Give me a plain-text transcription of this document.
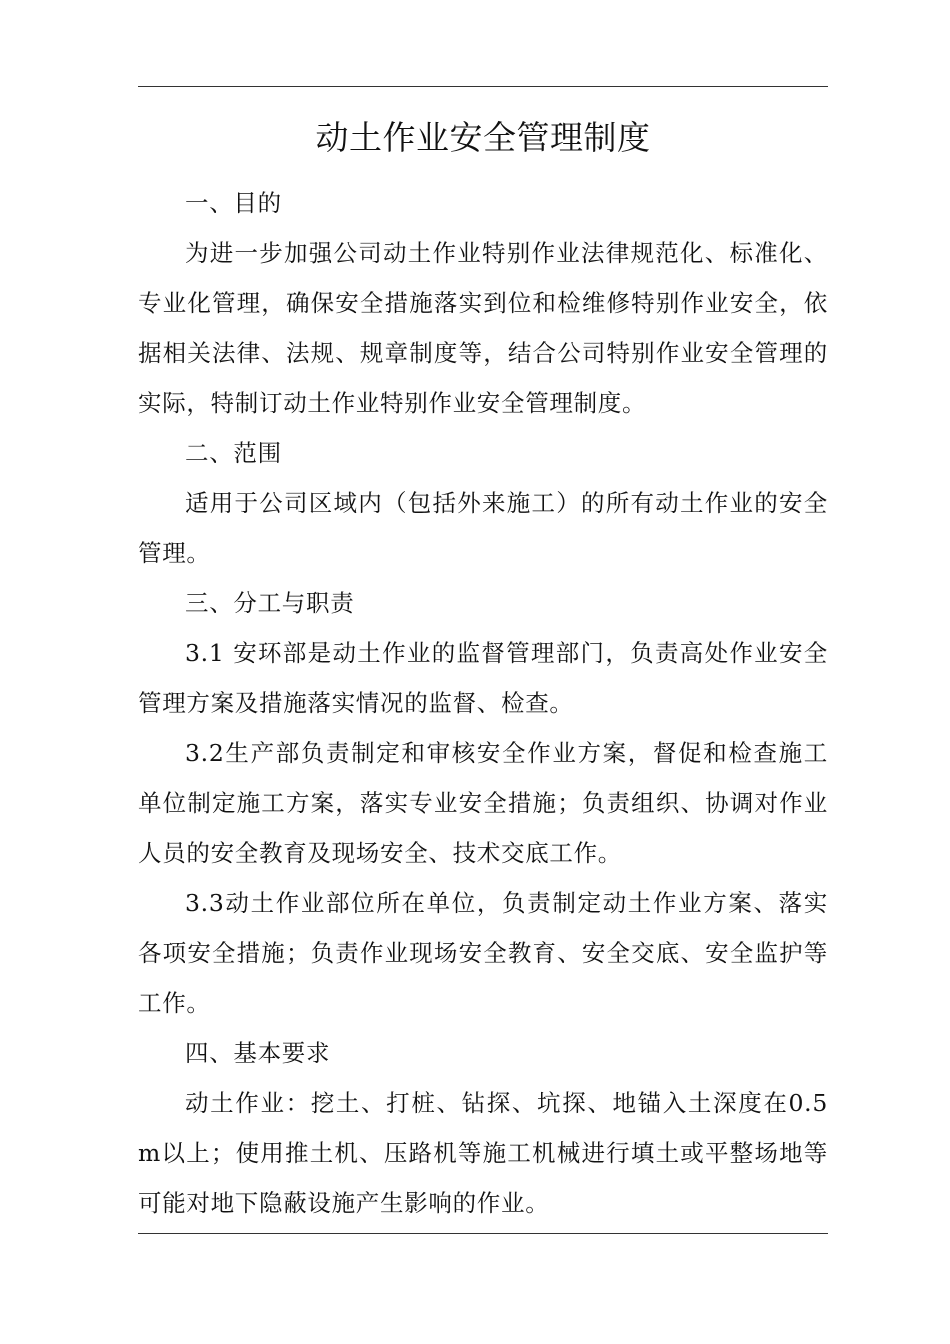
动土作业安全管理制度

一、目的

为进一步加强公司动土作业特别作业法律规范化、标准化、专业化管理，确保安全措施落实到位和检维修特别作业安全，依据相关法律、法规、规章制度等，结合公司特别作业安全管理的实际，特制订动土作业特别作业安全管理制度。

二、范围

适用于公司区域内（包括外来施工）的所有动土作业的安全管理。

三、分工与职责

3.1 安环部是动土作业的监督管理部门，负责高处作业安全管理方案及措施落实情况的监督、检查。

3.2生产部负责制定和审核安全作业方案，督促和检查施工单位制定施工方案，落实专业安全措施；负责组织、协调对作业人员的安全教育及现场安全、技术交底工作。

3.3动土作业部位所在单位，负责制定动土作业方案、落实各项安全措施；负责作业现场安全教育、安全交底、安全监护等工作。

四、基本要求

动土作业：挖土、打桩、钻探、坑探、地锚入土深度在0.5m以上；使用推土机、压路机等施工机械进行填土或平整场地等可能对地下隐蔽设施产生影响的作业。
